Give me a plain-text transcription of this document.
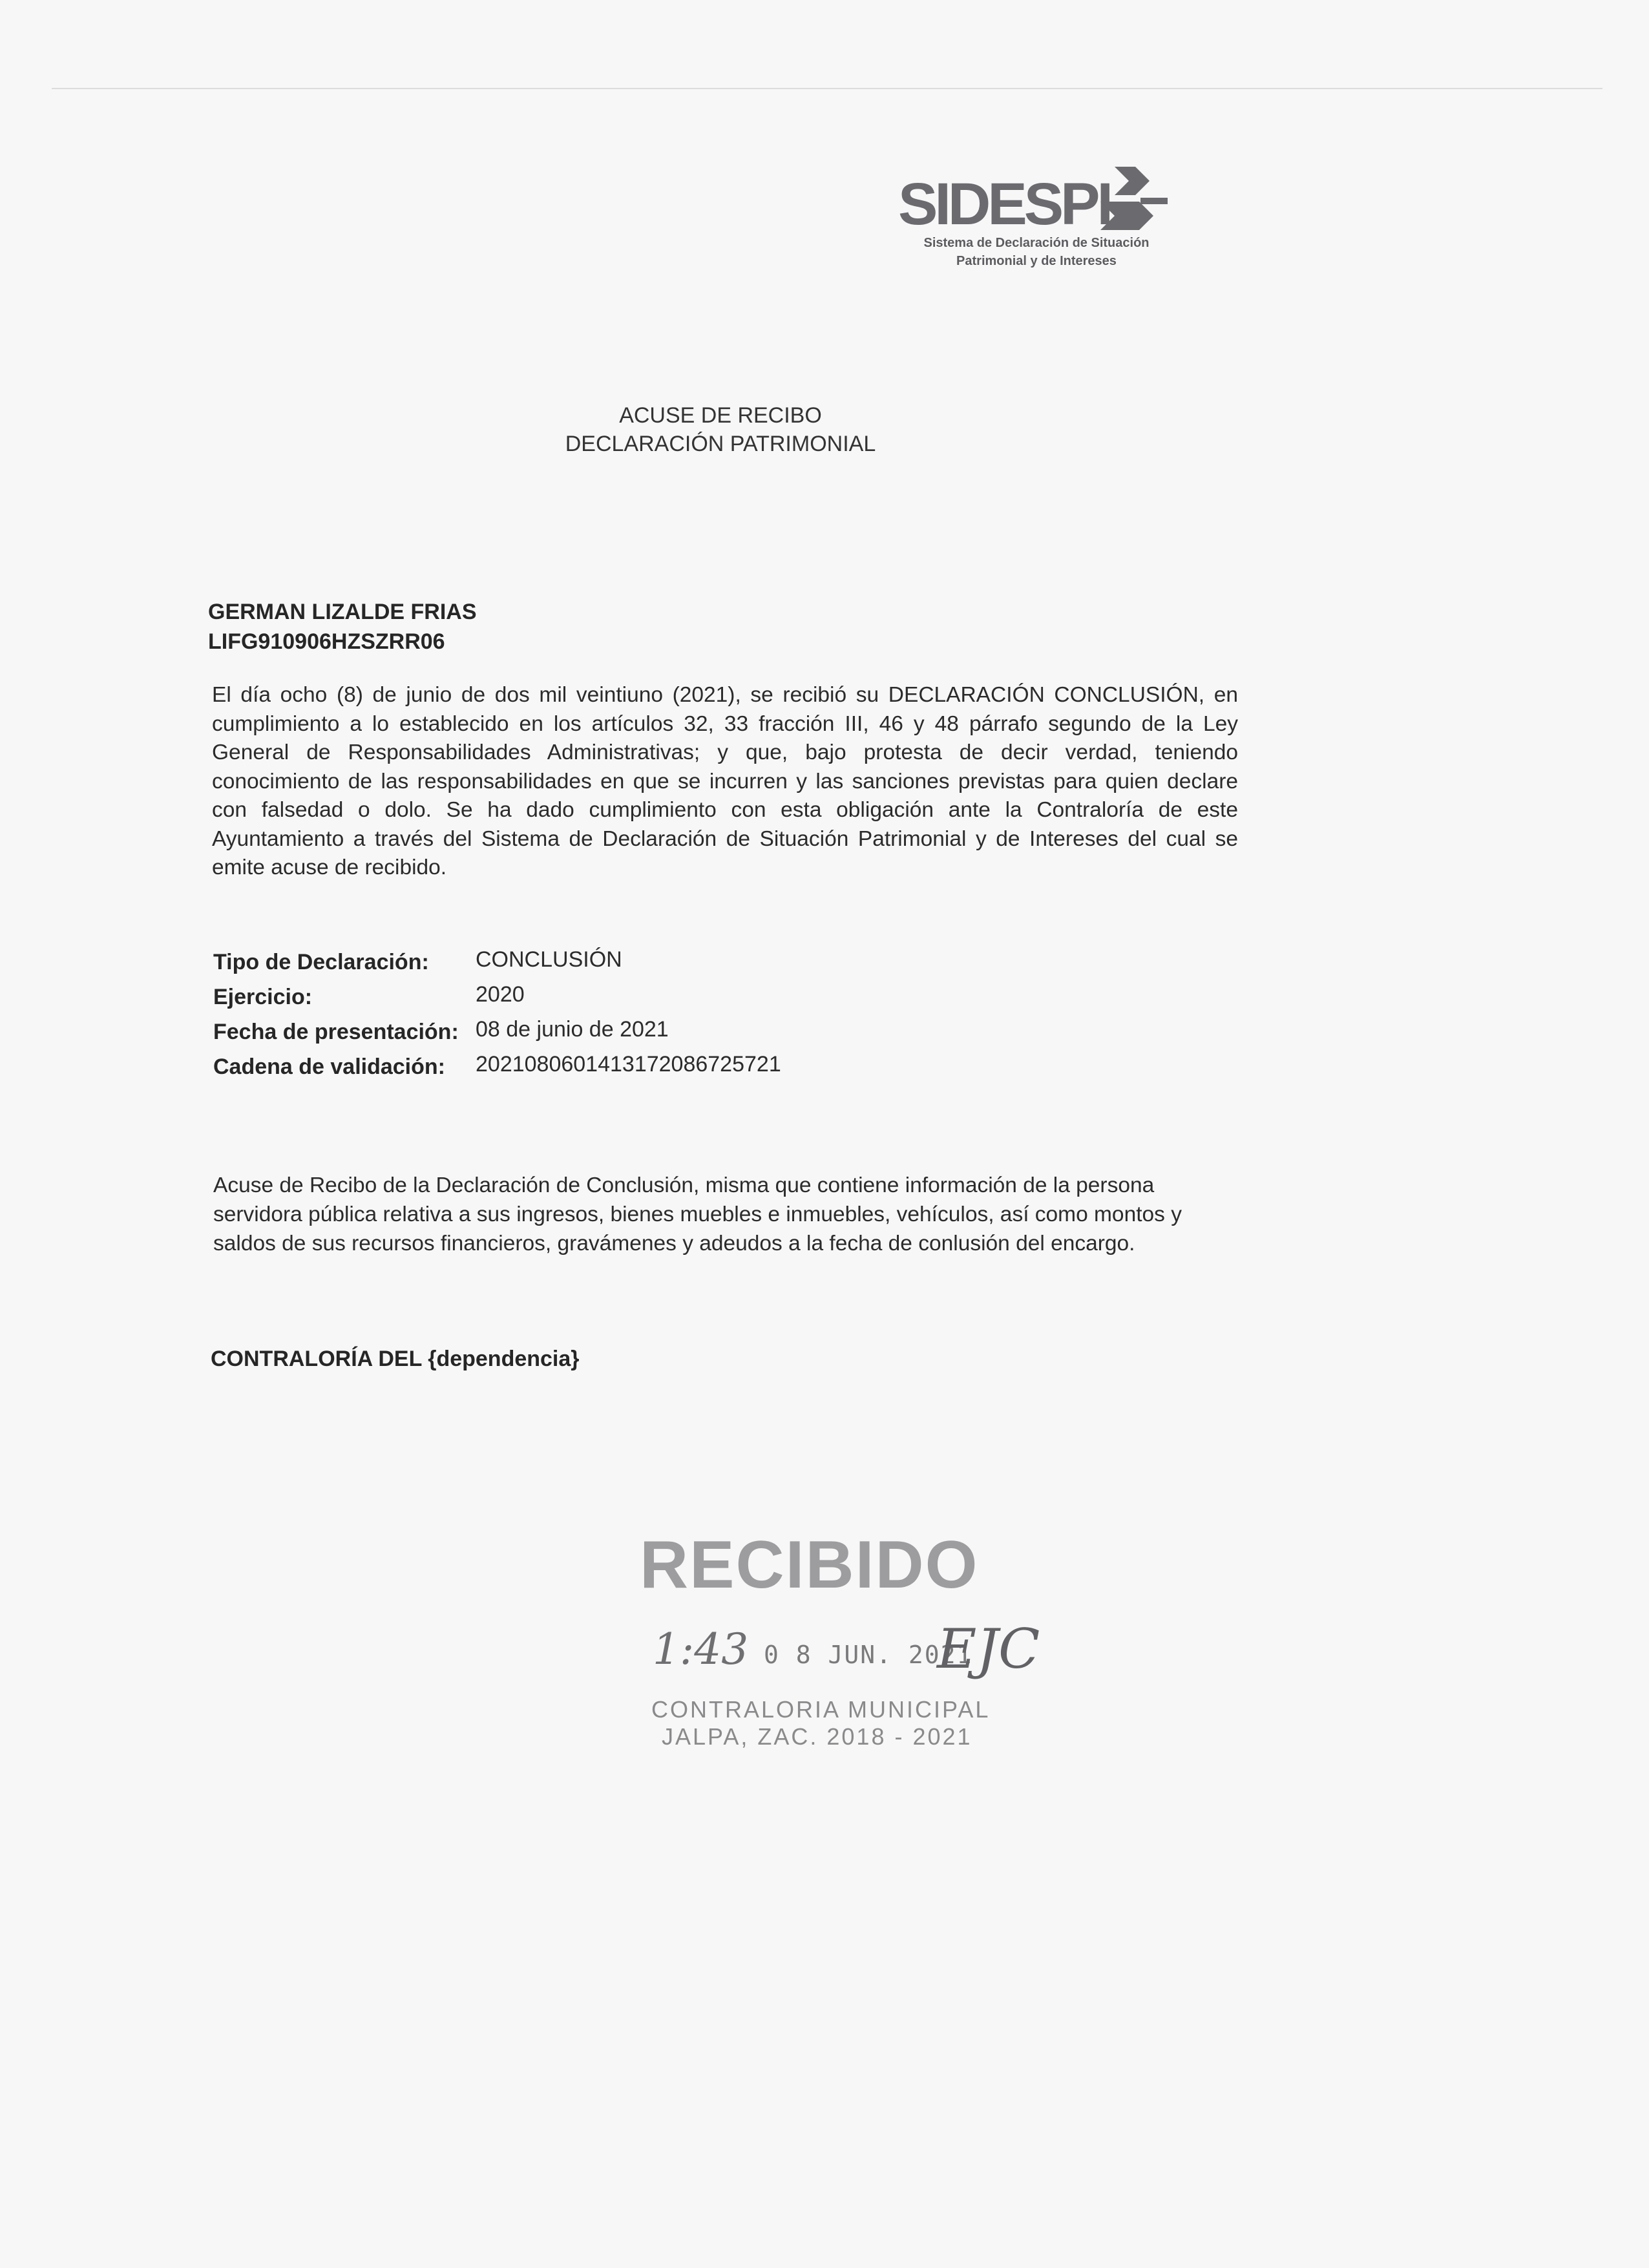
SIDESPI
Sistema de Declaración de Situación
Patrimonial y de Intereses
ACUSE DE RECIBO
DECLARACIÓN PATRIMONIAL
GERMAN LIZALDE FRIAS
LIFG910906HZSZRR06
El día ocho (8) de junio de dos mil veintiuno (2021), se recibió su DECLARACIÓN CONCLUSIÓN, en cumplimiento a lo establecido en los artículos 32, 33 fracción III, 46 y 48 párrafo segundo de la Ley General de Responsabilidades Administrativas; y que, bajo protesta de decir verdad, teniendo conocimiento de las responsabilidades en que se incurren y las sanciones previstas para quien declare con falsedad o dolo. Se ha dado cumplimiento con esta obligación ante la Contraloría de este Ayuntamiento a través del Sistema de Declaración de Situación Patrimonial y de Intereses del cual se emite acuse de recibido.
Tipo de Declaración: CONCLUSIÓN
Ejercicio:	2020
Fecha de presentación: 08 de junio de 2021
Cadena de validación: 20210806014131720867257​21
Acuse de Recibo de la Declaración de Conclusión, misma que contiene información de la persona servidora pública relativa a sus ingresos, bienes muebles e inmuebles, vehículos, así como montos y saldos de sus recursos financieros, gravámenes y adeudos a la fecha de conlusión del encargo.
CONTRALORÍA DEL {dependencia}
RECIBIDO
1:43 0 8 JUN. 2021
EJC
CONTRALORIA MUNICIPAL
JALPA, ZAC. 2018 - 2021
